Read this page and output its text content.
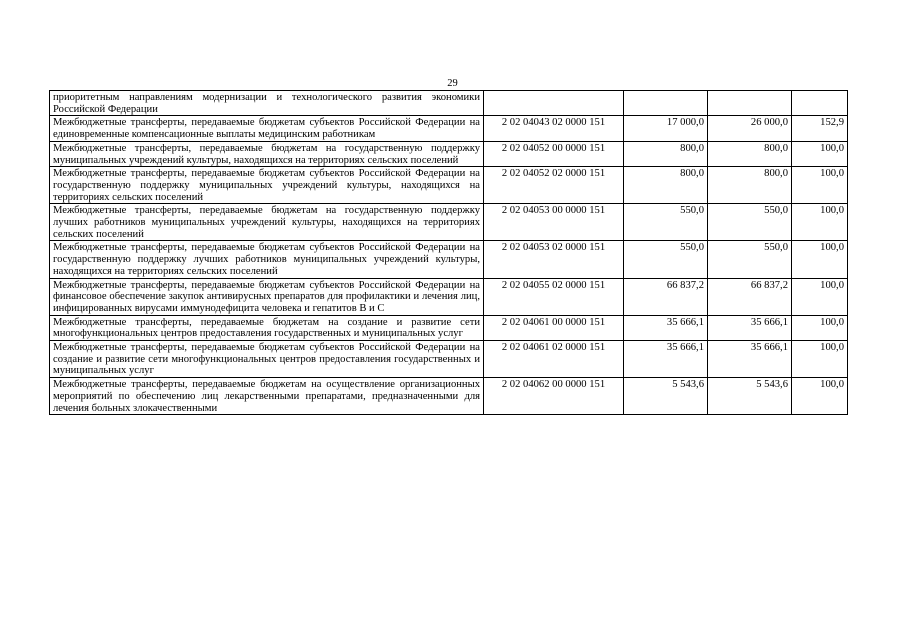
29
приоритетным направлениям модернизации и технологического развития экономики Российской Федерации				
Межбюджетные трансферты, передаваемые бюджетам субъектов Российской Федерации на единовременные компенсационные выплаты медицинским работникам	2 02 04043 02 0000 151	17 000,0	26 000,0	152,9
Межбюджетные трансферты, передаваемые бюджетам на государственную поддержку муниципальных учреждений культуры, находящихся на территориях сельских поселений	2 02 04052 00 0000 151	800,0	800,0	100,0
Межбюджетные трансферты, передаваемые бюджетам субъектов Российской Федерации на государственную поддержку муниципальных учреждений культуры, находящихся на территориях сельских поселений	2 02 04052 02 0000 151	800,0	800,0	100,0
Межбюджетные трансферты, передаваемые бюджетам на государственную поддержку лучших работников муниципальных учреждений культуры, находящихся на территориях сельских поселений	2 02 04053 00 0000 151	550,0	550,0	100,0
Межбюджетные трансферты, передаваемые бюджетам субъектов Российской Федерации на государственную поддержку лучших работников муниципальных учреждений культуры, находящихся на территориях сельских поселений	2 02 04053 02 0000 151	550,0	550,0	100,0
Межбюджетные трансферты, передаваемые бюджетам субъектов Российской Федерации на финансовое обеспечение закупок антивирусных препаратов для профилактики и лечения лиц, инфицированных вирусами иммунодефицита человека и гепатитов В и С	2 02 04055 02 0000 151	66 837,2	66 837,2	100,0
Межбюджетные трансферты, передаваемые бюджетам на создание и развитие сети многофункциональных центров предоставления государственных и муниципальных услуг	2 02 04061 00 0000 151	35 666,1	35 666,1	100,0
Межбюджетные трансферты, передаваемые бюджетам субъектов Российской Федерации на создание и развитие сети многофункциональных центров предоставления государственных и муниципальных услуг	2 02 04061 02 0000 151	35 666,1	35 666,1	100,0
Межбюджетные трансферты, передаваемые бюджетам на осуществление организационных мероприятий по обеспечению лиц лекарственными препаратами, предназначенными для лечения больных злокачественными	2 02 04062 00 0000 151	5 543,6	5 543,6	100,0
